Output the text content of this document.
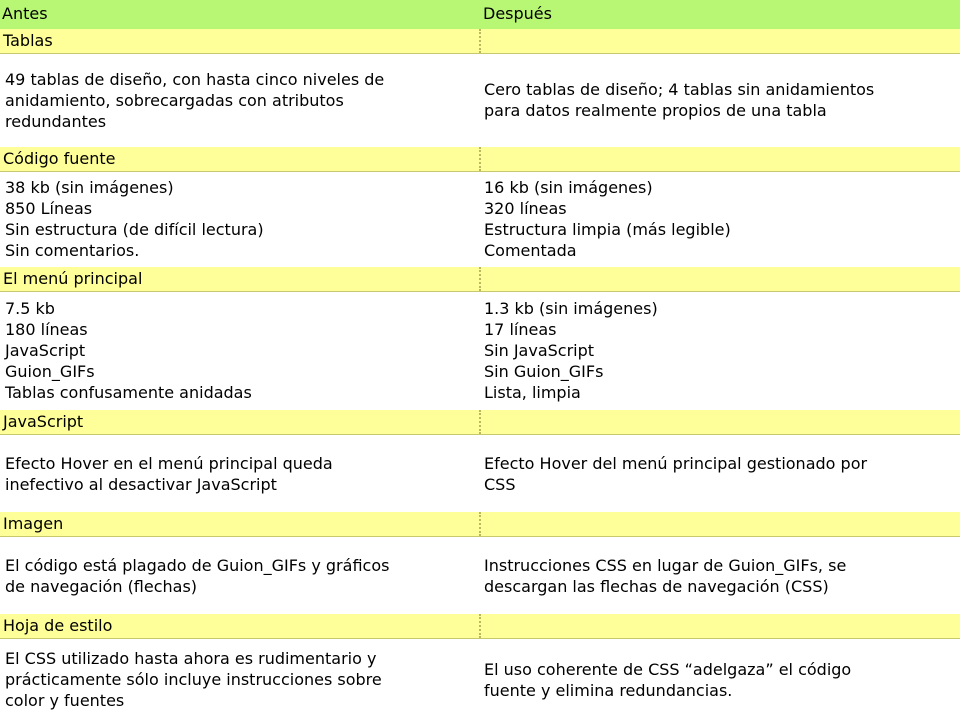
Antes	Después
Tablas
49 tablas de diseño, con hasta cinco niveles de
anidamiento, sobrecargadas con atributos
redundantes
Cero tablas de diseño; 4 tablas sin anidamientos
para datos realmente propios de una tabla
Código fuente
38 kb (sin imágenes)
850 Líneas
Sin estructura (de difícil lectura)
Sin comentarios.
16 kb (sin imágenes)
320 líneas
Estructura limpia (más legible)
Comentada
El menú principal
7.5 kb
180 líneas
JavaScript
Guion_GIFs
Tablas confusamente anidadas
1.3 kb (sin imágenes)
17 líneas
Sin JavaScript
Sin Guion_GIFs
Lista, limpia
JavaScript
Efecto Hover en el menú principal queda
inefectivo al desactivar JavaScript
Efecto Hover del menú principal gestionado por
CSS
Imagen
El código está plagado de Guion_GIFs y gráficos
de navegación (flechas)
Instrucciones CSS en lugar de Guion_GIFs, se
descargan las flechas de navegación (CSS)
Hoja de estilo
El CSS utilizado hasta ahora es rudimentario y
prácticamente sólo incluye instrucciones sobre
color y fuentes
El uso coherente de CSS “adelgaza” el código
fuente y elimina redundancias.
